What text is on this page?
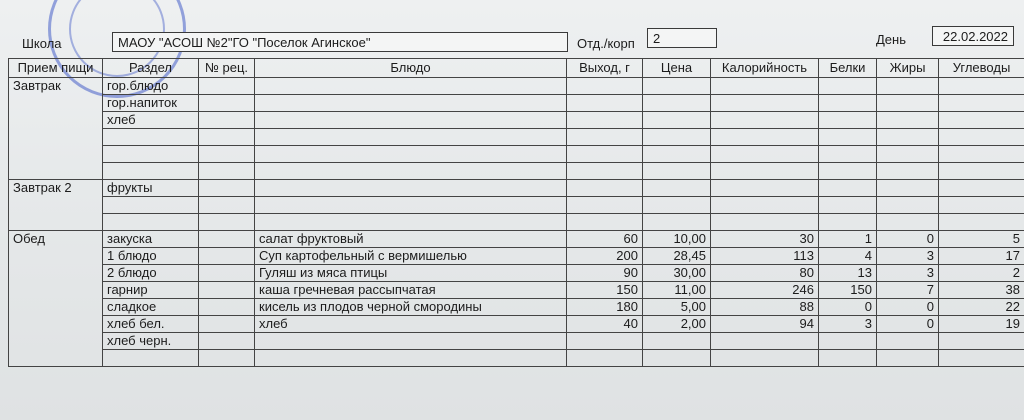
Школа	МАОУ "АСОШ №2"ГО "Поселок Агинское"	Отд./корп	2	День	22.02.2022
Прием пищи	Раздел	№ рец.	Блюдо	Выход, г	Цена	Калорийность	Белки	Жиры	Углеводы
Завтрак	гор.блюдо								
	гор.напиток								
	хлеб								

Завтрак 2	фрукты								

Обед	закуска		салат фруктовый	60	10,00	30	1	0	5
	1 блюдо		Суп картофельный с вермишелью	200	28,45	113	4	3	17
	2 блюдо		Гуляш из мяса птицы	90	30,00	80	13	3	2
	гарнир		каша гречневая рассыпчатая	150	11,00	246	150	7	38
	сладкое		кисель из плодов черной смородины	180	5,00	88	0	0	22
	хлеб бел.		хлеб	40	2,00	94	3	0	19
	хлеб черн.								
